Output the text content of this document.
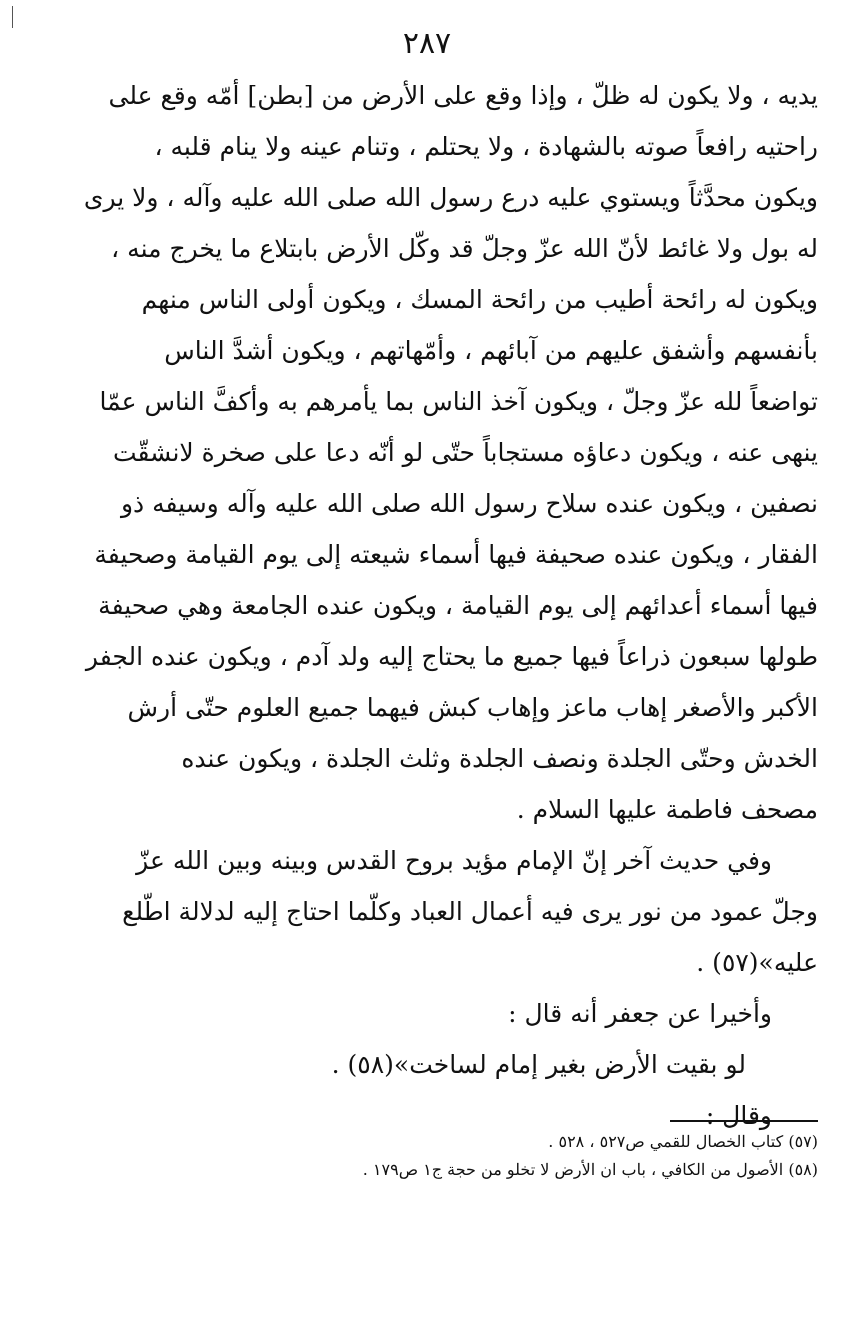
٢٨٧
يديه ، ولا يكون له ظلّ ، وإذا وقع على الأرض من [بطن] أمّه وقع على
راحتيه رافعاً صوته بالشهادة ، ولا يحتلم ، وتنام عينه ولا ينام قلبه ،
ويكون محدَّثاً ويستوي عليه درع رسول الله صلى الله عليه وآله ، ولا يرى
له بول ولا غائط لأنّ الله عزّ وجلّ قد وكّل الأرض بابتلاع ما يخرج منه ،
ويكون له رائحة أطيب من رائحة المسك ، ويكون أولى الناس منهم
بأنفسهم وأشفق عليهم من آبائهم ، وأمّهاتهم ، ويكون أشدَّ الناس
تواضعاً لله عزّ وجلّ ، ويكون آخذ الناس بما يأمرهم به وأكفَّ الناس عمّا
ينهى عنه ، ويكون دعاؤه مستجاباً حتّى لو أنّه دعا على صخرة لانشقّت
نصفين ، ويكون عنده سلاح رسول الله صلى الله عليه وآله وسيفه ذو
الفقار ، ويكون عنده صحيفة فيها أسماء شيعته إلى يوم القيامة وصحيفة
فيها أسماء أعدائهم إلى يوم القيامة ، ويكون عنده الجامعة وهي صحيفة
طولها سبعون ذراعاً فيها جميع ما يحتاج إليه ولد آدم ، ويكون عنده الجفر
الأكبر والأصغر إهاب ماعز وإهاب كبش فيهما جميع العلوم حتّى أرش
الخدش وحتّى الجلدة ونصف الجلدة وثلث الجلدة ، ويكون عنده
مصحف فاطمة عليها السلام .
وفي حديث آخر إنّ الإمام مؤيد بروح القدس وبينه وبين الله عزّ
وجلّ عمود من نور يرى فيه أعمال العباد وكلّما احتاج إليه لدلالة اطّلع
عليه»(٥٧) .
وأخيرا عن جعفر أنه قال :
لو بقيت الأرض بغير إمام لساخت»(٥٨) .
وقال :
(٥٧) كتاب الخصال للقمي ص٥٢٧ ، ٥٢٨ .
(٥٨) الأصول من الكافي ، باب ان الأرض لا تخلو من حجة ج١ ص١٧٩ .
